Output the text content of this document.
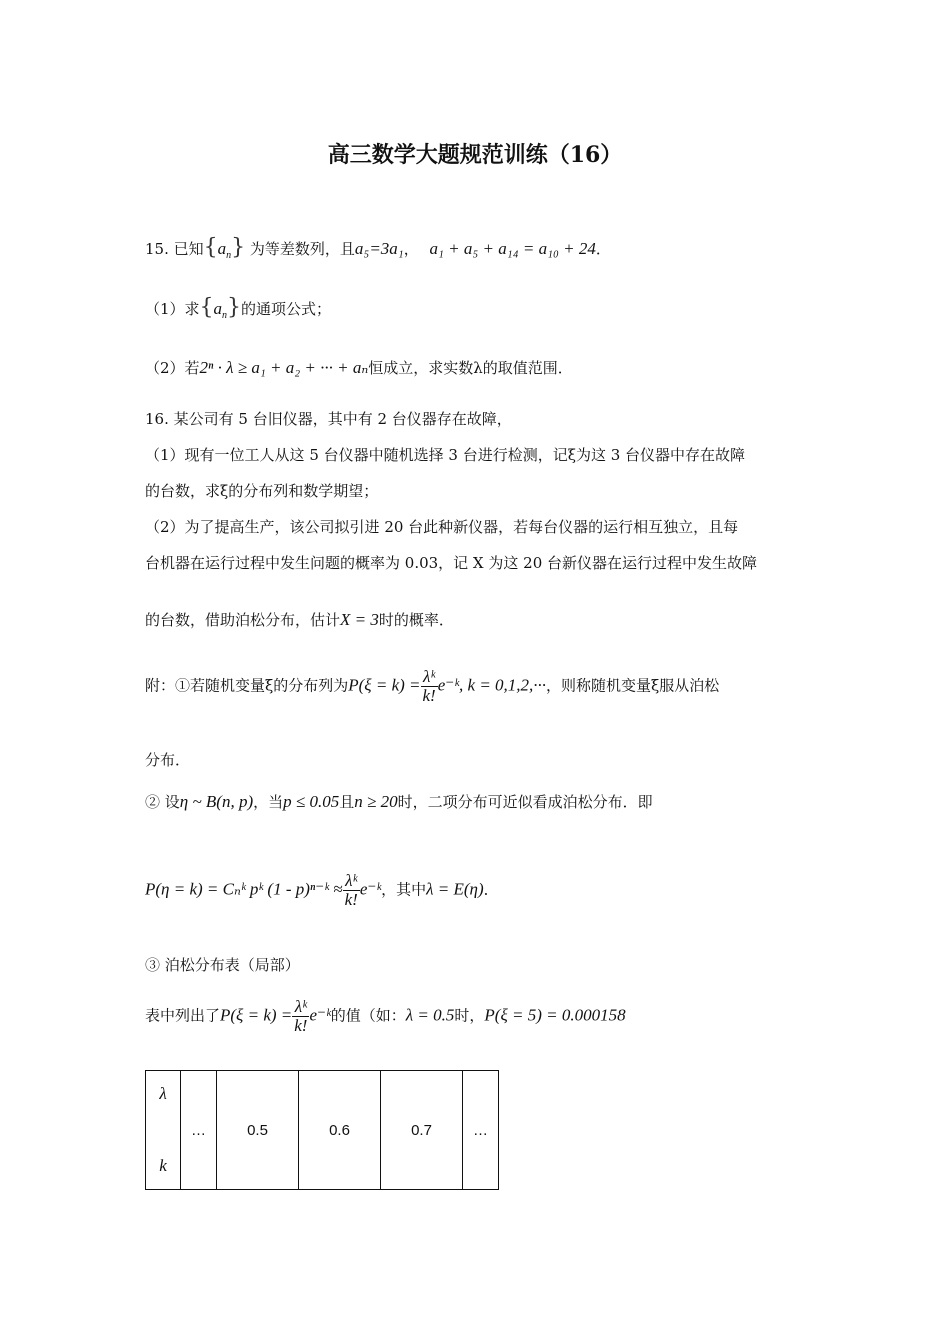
高三数学大题规范训练（16）
15. 已知$\{a_n\}$ 为等差数列，且a₅=3a₁， a₁ + a₅ + a₁₄ = a₁₀ + 24．
（1）求$\{a_n\}$的通项公式；
（2）若2ⁿ · λ ≥ a₁ + a₂ + ··· + aₙ恒成立，求实数λ的取值范围．
16. 某公司有 5 台旧仪器，其中有 2 台仪器存在故障，
（1）现有一位工人从这 5 台仪器中随机选择 3 台进行检测，记ξ为这 3 台仪器中存在故障
的台数，求ξ的分布列和数学期望；
（2）为了提高生产，该公司拟引进 20 台此种新仪器，若每台仪器的运行相互独立，且每
台机器在运行过程中发生问题的概率为 0.03，记 X 为这 20 台新仪器在运行过程中发生故障
的台数，借助泊松分布，估计X = 3时的概率．
附：①若随机变量ξ的分布列为$P(\xi = k) = \frac{\text{λᵏ}}{k!}$ e⁻ᵏ, k = 0,1,2,···，则称随机变量ξ服从泊松
分布．
② 设η ~ B(n, p)，当p ≤ 0.05且n ≥ 20时，二项分布可近似看成泊松分布．即
P(η = k) = Cₙᵏ pᵏ (1 - p)ⁿ⁻ᵏ ≈ $\frac{\text{λᵏ}}{k!}$ e⁻ᵏ，其中λ = E(η)．
③ 泊松分布表（局部）
表中列出了$P(\xi = k) = \frac{\text{λᵏ}}{k!}$ e⁻ᵏ的值（如：λ = 0.5时，P(ξ = 5) = 0.000158
λ
k
	…	0.5	0.6	0.7	…
